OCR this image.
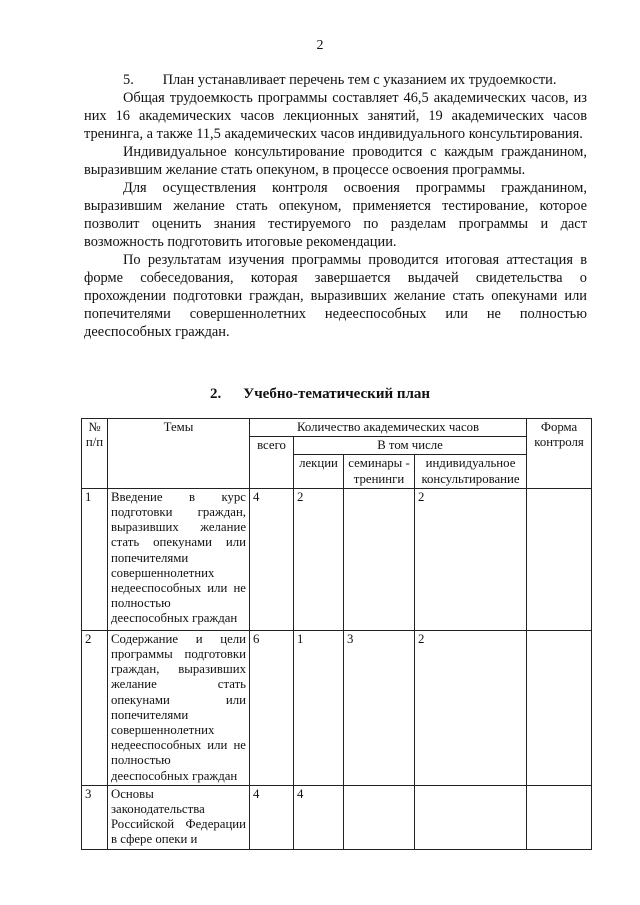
2

5.        План устанавливает перечень тем с указанием их трудоемкости.

Общая трудоемкость программы составляет 46,5 академических часов, из них 16 академических часов лекционных занятий, 19 академических часов тренинга, а также 11,5 академических часов индивидуального консультирования.

Индивидуальное консультирование проводится с каждым гражданином, выразившим желание стать опекуном, в процессе освоения программы.

Для осуществления контроля освоения программы гражданином, выразившим желание стать опекуном, применяется тестирование, которое позволит оценить знания тестируемого по разделам программы и даст возможность подготовить итоговые рекомендации.

По результатам изучения программы проводится итоговая аттестация в форме собеседования, которая завершается выдачей свидетельства о прохождении подготовки граждан, выразивших желание стать опекунами или попечителями совершеннолетних недееспособных или не полностью дееспособных граждан.

2. Учебно-тематический план
№ п/п	Темы	Количество академических часов				Форма контроля
		всего	В том числе			
			лекции	семинары - тренинги	индивидуальное консультирование	
1	Введение в курс подготовки граждан, выразивших желание стать опекунами или попечителями совершеннолетних недееспособных или не полностью дееспособных граждан	4	2		2	
2	Содержание и цели программы подготовки граждан, выразивших желание стать опекунами или попечителями совершеннолетних недееспособных или не полностью дееспособных граждан	6	1	3	2	
3	Основы законодательства Российской Федерации в сфере опеки и	4	4			
